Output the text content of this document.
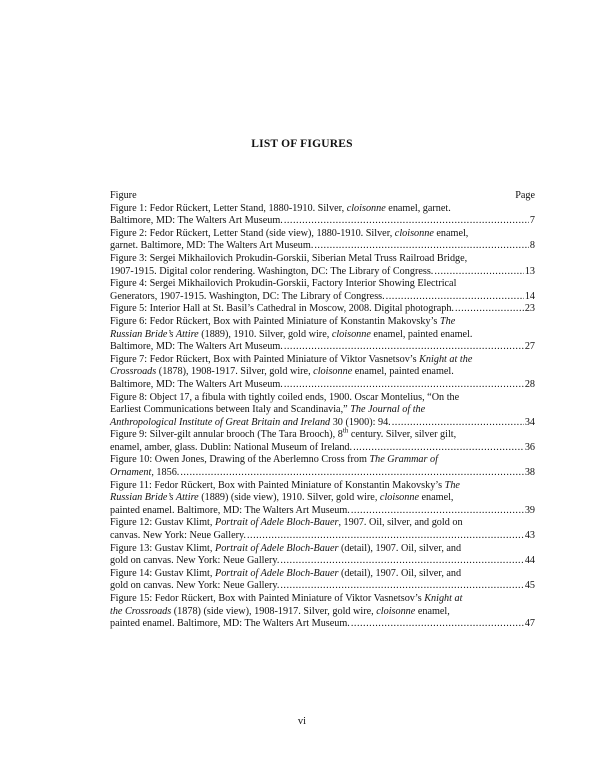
LIST OF FIGURES
Figure	Page
Figure 1: Fedor Rückert, Letter Stand, 1880-1910. Silver, cloisonne enamel, garnet.
Baltimore, MD: The Walters Art Museum. .....	7
Figure 2: Fedor Rückert, Letter Stand (side view), 1880-1910. Silver, cloisonne enamel,
garnet. Baltimore, MD: The Walters Art Museum. .....	8
Figure 3: Sergei Mikhailovich Prokudin-Gorskii, Siberian Metal Truss Railroad Bridge,
1907-1915. Digital color rendering. Washington, DC: The Library of Congress. .....	13
Figure 4: Sergei Mikhailovich Prokudin-Gorskii, Factory Interior Showing Electrical
Generators, 1907-1915. Washington, DC: The Library of Congress. .....	14
Figure 5: Interior Hall at St. Basil’s Cathedral in Moscow, 2008. Digital photograph. .....	23
Figure 6: Fedor Rückert, Box with Painted Miniature of Konstantin Makovsky’s The
Russian Bride’s Attire (1889), 1910. Silver, gold wire, cloisonne enamel, painted enamel.
Baltimore, MD: The Walters Art Museum. .....	27
Figure 7: Fedor Rückert, Box with Painted Miniature of Viktor Vasnetsov’s Knight at the
Crossroads (1878), 1908-1917. Silver, gold wire, cloisonne enamel, painted enamel.
Baltimore, MD: The Walters Art Museum. .....	28
Figure 8: Object 17, a fibula with tightly coiled ends, 1900. Oscar Montelius, “On the
Earliest Communications between Italy and Scandinavia,” The Journal of the
Anthropological Institute of Great Britain and Ireland 30 (1900): 94. .....	34
Figure 9: Silver-gilt annular brooch (The Tara Brooch), 8th century. Silver, silver gilt,
enamel, amber, glass. Dublin: National Museum of Ireland. .....	36
Figure 10: Owen Jones, Drawing of the Aberlemno Cross from The Grammar of
Ornament, 1856. .....	38
Figure 11: Fedor Rückert, Box with Painted Miniature of Konstantin Makovsky’s The
Russian Bride’s Attire (1889) (side view), 1910. Silver, gold wire, cloisonne enamel,
painted enamel. Baltimore, MD: The Walters Art Museum. .....	39
Figure 12: Gustav Klimt, Portrait of Adele Bloch-Bauer, 1907. Oil, silver, and gold on
canvas. New York: Neue Gallery. .....	43
Figure 13: Gustav Klimt, Portrait of Adele Bloch-Bauer (detail), 1907. Oil, silver, and
gold on canvas. New York: Neue Gallery. .....	44
Figure 14: Gustav Klimt, Portrait of Adele Bloch-Bauer (detail), 1907. Oil, silver, and
gold on canvas. New York: Neue Gallery. .....	45
Figure 15: Fedor Rückert, Box with Painted Miniature of Viktor Vasnetsov’s Knight at
the Crossroads (1878) (side view), 1908-1917. Silver, gold wire, cloisonne enamel,
painted enamel. Baltimore, MD: The Walters Art Museum. .....	47
vi
